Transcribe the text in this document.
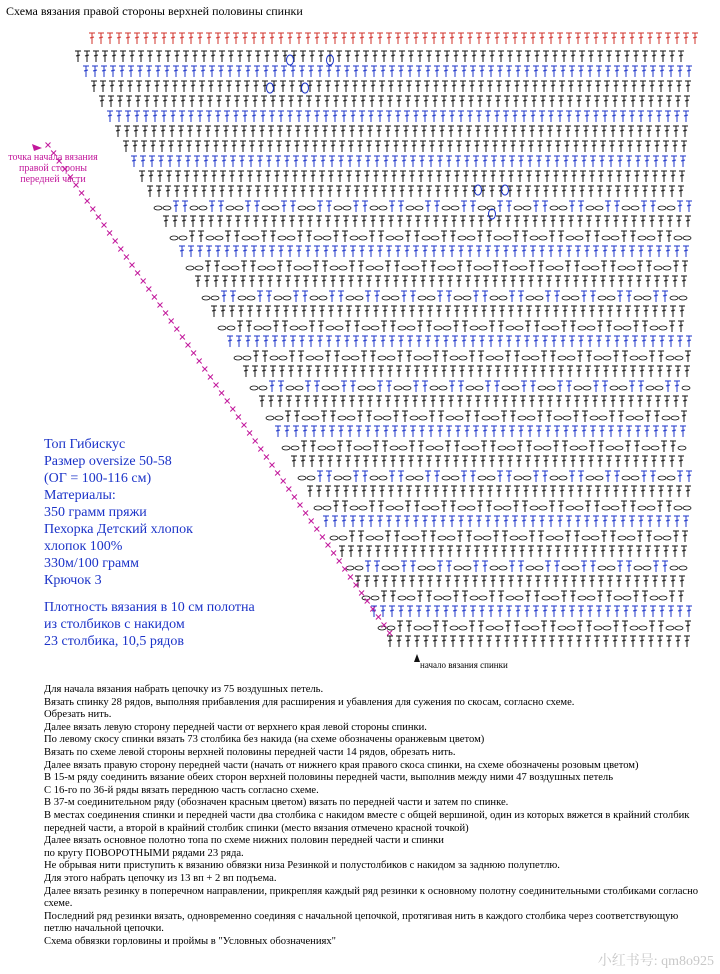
Схема вязания правой стороны верхней половины спинки
точка начала вязания правой стороны передней части
начало вязания спинки
Топ Гибискус
Размер oversize 50-58
(ОГ = 100-116 см)
Материалы:
350 грамм пряжи
Пехорка Детский хлопок
хлопок 100%
330м/100 грамм
Крючок 3
Плотность вязания в 10 см полотна
из столбиков с накидом
23 столбика, 10,5 рядов

Для начала вязания набрать цепочку из 75 воздушных петель.

Вязать спинку 28 рядов, выполняя прибавления для расширения и убавления для сужения по скосам, согласно схеме.

Обрезать нить.

Далее вязать левую сторону передней части от верхнего края левой стороны спинки.

По левому скосу спинки вязать 73 столбика без накида (на схеме обозначены оранжевым цветом)

Вязать по схеме левой стороны верхней половины передней части 14 рядов, обрезать нить.

Далее вязать правую сторону передней части (начать от нижнего края правого скоса спинки, на схеме обозначены розовым цветом)

В 15-м ряду соединить вязание обеих сторон верхней половины передней части, выполнив между ними 47 воздушных петель

С 16-го по 36-й ряды вязать переднюю часть согласно схеме.

В 37-м соединительном ряду (обозначен красным цветом) вязать по передней части и затем по спинке.

В местах соединения спинки и передней части два столбика с накидом вместе с общей вершиной, один из которых вяжется в крайний столбик передней части, а второй в крайний столбик спинки (место вязания отмечено красной точкой)

Далее вязать основное полотно топа по схеме нижних половин передней части и спинки

по кругу ПОВОРОТНЫМИ рядами 23 ряда.

Не обрывая нити приступить к вязанию обвязки низа Резинкой и полустолбиков с накидом за заднюю полупетлю.

Для этого набрать цепочку из 13 вп + 2 вп подъема.

Далее вязать резинку в поперечном направлении, прикрепляя каждый ряд резинки к основному полотну соединительными столбиками согласно схеме.

Последний ряд резинки вязать, одновременно соединяя с начальной цепочкой, протягивая нить в каждого столбика через соответствующую петлю начальной цепочки.

Схема обвязки горловины и проймы в "Условных обозначениях"

小红书号: qm8o925
